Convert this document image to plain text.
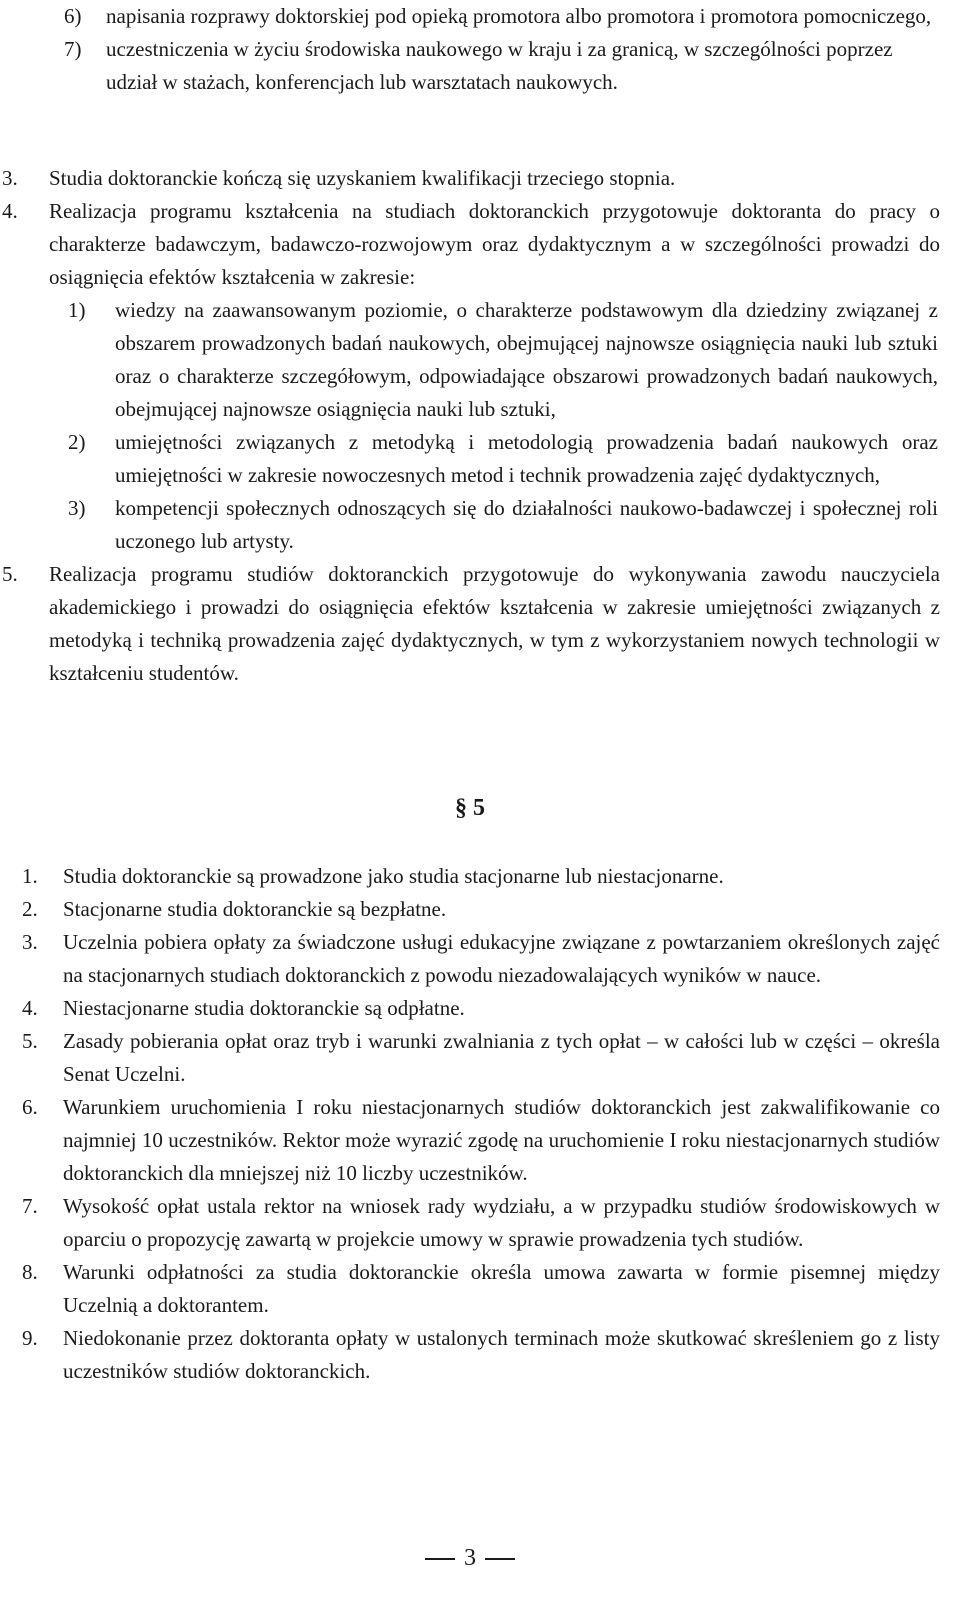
6)	napisania rozprawy doktorskiej pod opieką promotora albo promotora i promotora pomocniczego,
7)	uczestniczenia w życiu środowiska naukowego w kraju i za granicą, w szczególności poprzez udział w stażach, konferencjach lub warsztatach naukowych.
3.	Studia doktoranckie kończą się uzyskaniem kwalifikacji trzeciego stopnia.
4.	Realizacja programu kształcenia na studiach doktoranckich przygotowuje doktoranta do pracy o charakterze badawczym, badawczo-rozwojowym oraz dydaktycznym a w szczególności prowadzi do osiągnięcia efektów kształcenia w zakresie:
1)	wiedzy na zaawansowanym poziomie, o charakterze podstawowym dla dziedziny związanej z obszarem prowadzonych badań naukowych, obejmującej najnowsze osiągnięcia nauki lub sztuki oraz o charakterze szczegółowym, odpowiadające obszarowi prowadzonych badań naukowych, obejmującej najnowsze osiągnięcia nauki lub sztuki,
2)	umiejętności związanych z metodyką i metodologią prowadzenia badań naukowych oraz umiejętności w zakresie nowoczesnych metod i technik prowadzenia zajęć dydaktycznych,
3)	kompetencji społecznych odnoszących się do działalności naukowo-badawczej i społecznej roli uczonego lub artysty.
5.	Realizacja programu studiów doktoranckich przygotowuje do wykonywania zawodu nauczyciela akademickiego i prowadzi do osiągnięcia efektów kształcenia w zakresie umiejętności związanych z metodyką i techniką prowadzenia zajęć dydaktycznych, w tym z wykorzystaniem nowych technologii w kształceniu studentów.
§ 5
1.	Studia doktoranckie są prowadzone jako studia stacjonarne lub niestacjonarne.
2.	Stacjonarne studia doktoranckie są bezpłatne.
3.	Uczelnia pobiera opłaty za świadczone usługi edukacyjne związane z powtarzaniem określonych zajęć na stacjonarnych studiach doktoranckich z powodu niezadowalających wyników w nauce.
4.	Niestacjonarne studia doktoranckie są odpłatne.
5.	Zasady pobierania opłat oraz tryb i warunki zwalniania z tych opłat – w całości lub w części – określa Senat Uczelni.
6.	Warunkiem uruchomienia I roku niestacjonarnych studiów doktoranckich jest zakwalifikowanie co najmniej 10 uczestników. Rektor może wyrazić zgodę na uruchomienie I roku niestacjonarnych studiów doktoranckich dla mniejszej niż 10 liczby uczestników.
7.	Wysokość opłat ustala rektor na wniosek rady wydziału, a w przypadku studiów środowiskowych w oparciu o propozycję zawartą w projekcie umowy w sprawie prowadzenia tych studiów.
8.	Warunki odpłatności za studia doktoranckie określa umowa zawarta w formie pisemnej między Uczelnią a doktorantem.
9.	Niedokonanie przez doktoranta opłaty w ustalonych terminach może skutkować skreśleniem go z listy uczestników studiów doktoranckich.
3
